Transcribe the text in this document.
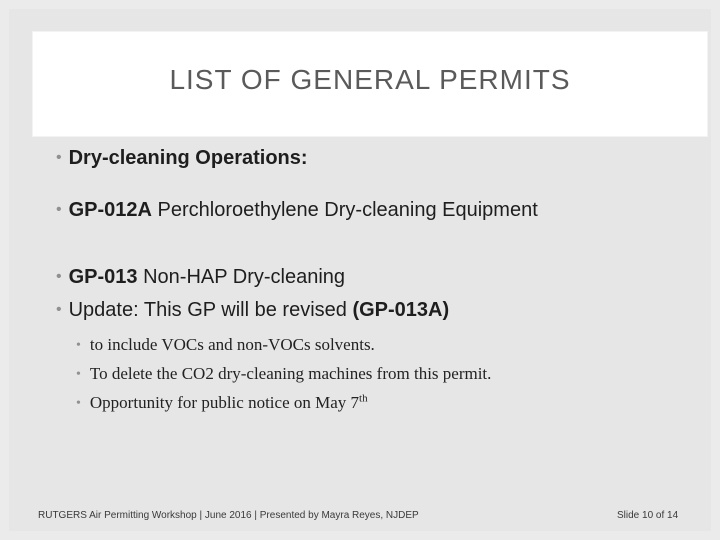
LIST OF GENERAL PERMITS
• Dry-cleaning Operations:
• GP-012A Perchloroethylene Dry-cleaning Equipment
• GP-013 Non-HAP Dry-cleaning
• Update: This GP will be revised (GP-013A)
• to include VOCs and non-VOCs solvents.
• To delete the CO2 dry-cleaning machines from this permit.
• Opportunity for public notice on May 7th
RUTGERS Air Permitting Workshop | June 2016 | Presented by Mayra Reyes, NJDEP	Slide 10 of 14
